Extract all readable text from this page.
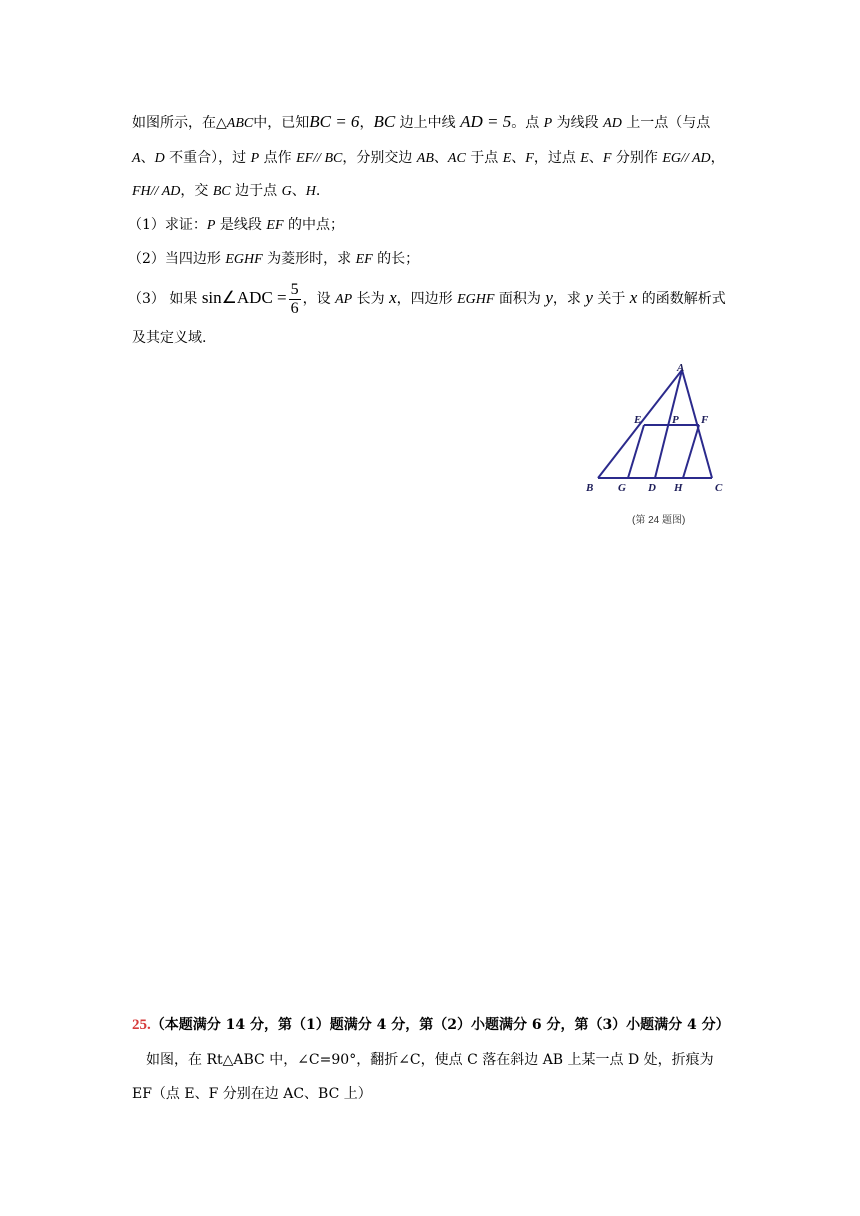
如图所示，在△ABC中，已知BC = 6，BC 边上中线 AD = 5。点 P 为线段 AD 上一点（与点
A、D 不重合），过 P 点作 EF// BC，分别交边 AB、AC 于点 E、F，过点 E、F 分别作 EG// AD，
FH// AD，交 BC 边于点 G、H.
（1）求证：P 是线段 EF 的中点；
（2）当四边形 EGHF 为菱形时，求 EF 的长；
（3） 如果 sin∠ADC = $\frac{5}{6}$ ，设 AP 长为 x，四边形 EGHF 面积为 y，求 y 关于 x 的函数解析式
及其定义域.
A
E	P F
B G D H	C
(第 24 题图)
25.（本题满分 14 分，第（1）题满分 4 分，第（2）小题满分 6 分，第（3）小题满分 4 分）
如图，在 Rt△ABC 中，∠C=90°，翻折∠C，使点 C 落在斜边 AB 上某一点 D 处，折痕为
EF（点 E、F 分别在边 AC、BC 上）
